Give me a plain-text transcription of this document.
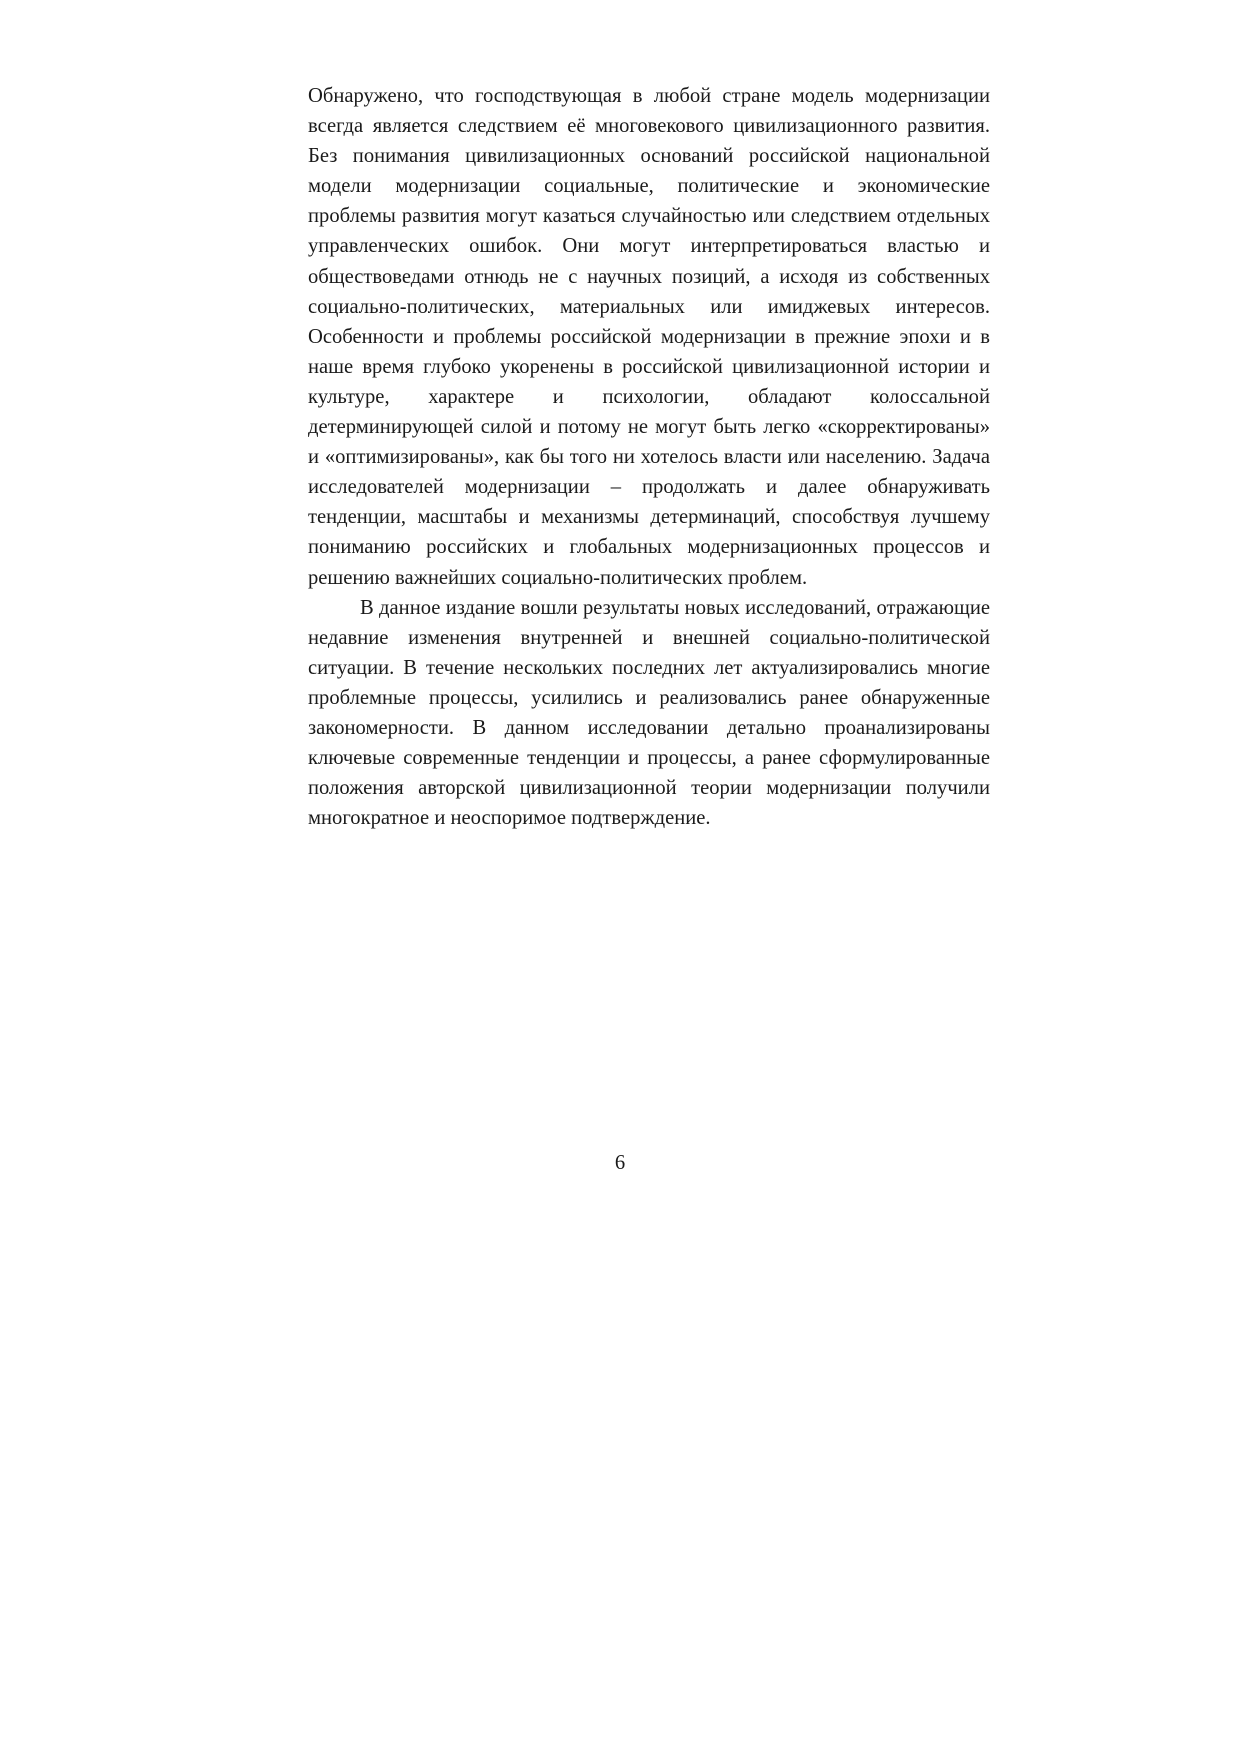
Обнаружено, что господствующая в любой стране модель модернизации всегда является следствием её многовекового цивилизационного развития. Без понимания цивилизационных оснований российской национальной модели модернизации социальные, политические и экономические проблемы развития могут казаться случайностью или следствием отдельных управленческих ошибок. Они могут интерпретироваться властью и обществоведами отнюдь не с научных позиций, а исходя из собственных социально-политических, материальных или имиджевых интересов. Особенности и проблемы российской модернизации в прежние эпохи и в наше время глубоко укоренены в российской цивилизационной истории и культуре, характере и психологии, обладают колоссальной детерминирующей силой и потому не могут быть легко «скорректированы» и «оптимизированы», как бы того ни хотелось власти или населению. Задача исследователей модернизации – продолжать и далее обнаруживать тенденции, масштабы и механизмы детерминаций, способствуя лучшему пониманию российских и глобальных модернизационных процессов и решению важнейших социально-политических проблем.

В данное издание вошли результаты новых исследований, отражающие недавние изменения внутренней и внешней социально-политической ситуации. В течение нескольких последних лет актуализировались многие проблемные процессы, усилились и реализовались ранее обнаруженные закономерности. В данном исследовании детально проанализированы ключевые современные тенденции и процессы, а ранее сформулированные положения авторской цивилизационной теории модернизации получили многократное и неоспоримое подтверждение.

6
